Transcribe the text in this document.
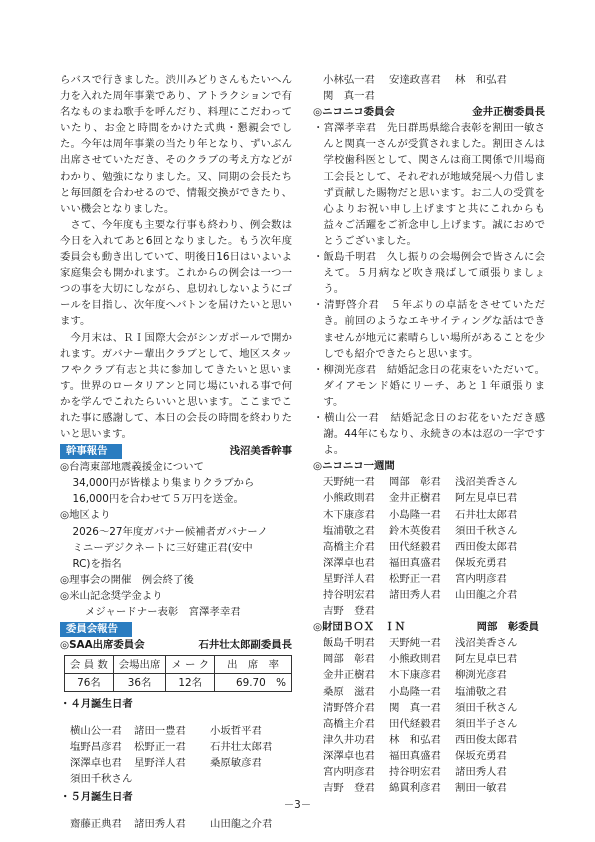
らバスで行きました。渋川みどりさんもたいへん力を入れた周年事業であり、アトラクションで有名なものまね歌手を呼んだり、料理にこだわっていたり、お金と時間をかけた式典・懇親会でした。今年は周年事業の当たり年となり、ずいぶん出席させていただき、そのクラブの考え方などがわかり、勉強になりました。又、同期の会長たちと毎回顔を合わせるので、情報交換ができたり、いい機会となりました。

さて、今年度も主要な行事も終わり、例会数は今日を入れてあと6回となりました。もう次年度委員会も動き出していて、明後日16日はいよいよ家庭集会も開かれます。これからの例会は一つ一つの事を大切にしながら、息切れしないようにゴールを目指し、次年度へバトンを届けたいと思います。

今月末は、ＲＩ国際大会がシンガポールで開かれます。ガバナー輩出クラブとして、地区スタッフやクラブ有志と共に参加してきたいと思います。世界のロータリアンと同じ場にいれる事で何かを学んでこれたらいいと思います。ここまでこれた事に感謝して、本日の会長の時間を終わりたいと思います。

幹事報告	浅沼美香幹事

◎台湾東部地震義援金について

34,000円が皆様より集まりクラブから

16,000円を合わせて５万円を送金。

◎地区より

2026～27年度ガバナー候補者ガバナーノ

ミニーデジクネートに三好建正君(安中

RC)を指名

◎理事会の開催　例会終了後

◎米山記念奨学金より

メジャードナー表彰　宮澤孝幸君

委員会報告
◎SAA出席委員会	石井壮太郎副委員長
会 員 数	会場出席	メ ー ク	出　席　率
76名	36名	12名	69.70　%

・４月誕生日者

横山公一君	諸田一豊君	小坂哲平君
塩野昌彦君	松野正一君	石井壮太郎君
深澤卓也君	星野洋人君	桑原敏彦君
須田千秋さん

・５月誕生日者

齋藤正典君	諸田秀人君	山田龍之介君
小林弘一君	安達政喜君	林　和弘君
関　真一君
◎ニコニコ委員会	金井正樹委員長

・宮澤孝幸君　先日群馬県総合表彰を割田一敏さんと関真一さんが受賞されました。割田さんは学校歯科医として、関さんは商工関係で川場商工会長として、それぞれが地域発展へ力借しまず貢献した賜物だと思います。お二人の受賞を心よりお祝い申し上げますと共にこれからも益々ご活躍をご祈念申し上げます。誠におめでとうございました。

・飯島千明君　久し振りの会場例会で皆さんに会えて。５月病など吹き飛ばして頑張りましょう。

・清野啓介君　５年ぶりの卓話をさせていただき。前回のようなエキサイティングな話はできませんが地元に素晴らしい場所があることを少しでも紹介できたらと思います。

・柳渕光彦君　結婚記念日の花束をいただいて。ダイアモンド婚にリーチ、あと１年頑張ります。

・横山公一君　結婚記念日のお花をいただき感謝。44年にもなり、永続きの本は忍の一字ですよ。

◎ニコニコ一週間

天野純一君	岡部　彰君	浅沼美香さん
小熊政則君	金井正樹君	阿左見卓巳君
木下康彦君	小島隆一君	石井壮太郎君
塩浦敬之君	鈴木英俊君	須田千秋さん
高橋主介君	田代経毅君	西田俊太郎君
深澤卓也君	福田真盛君	保坂充勇君
星野洋人君	松野正一君	宮内明彦君
持谷明宏君	諸田秀人君	山田龍之介君
吉野　登君
◎財団ＢＯＸ　ＩＮ	岡部　彰委員
飯島千明君	天野純一君	浅沼美香さん
岡部　彰君	小熊政則君	阿左見卓巳君
金井正樹君	木下康彦君	柳渕光彦君
桑原　滋君	小島隆一君	塩浦敬之君
清野啓介君	関　真一君	須田千秋さん
高橋主介君	田代経毅君	須田半子さん
津久井功君	林　和弘君	西田俊太郎君
深澤卓也君	福田真盛君	保坂充勇君
宮内明彦君	持谷明宏君	諸田秀人君
吉野　登君	綿貫利彦君	割田一敏君
－3－
